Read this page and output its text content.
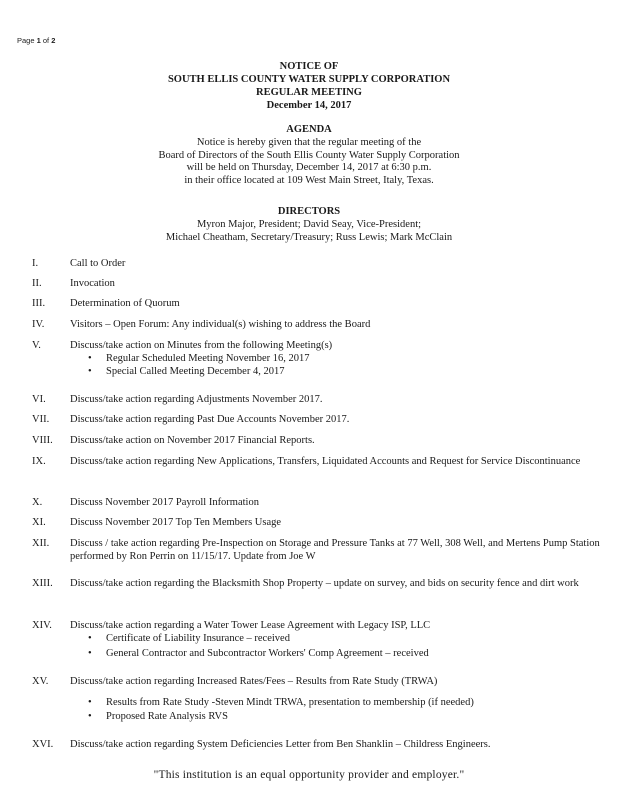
Page 1 of 2
NOTICE OF
SOUTH ELLIS COUNTY WATER SUPPLY CORPORATION
REGULAR MEETING
December 14, 2017
AGENDA
Notice is hereby given that the regular meeting of the
Board of Directors of the South Ellis County Water Supply Corporation
will be held on Thursday, December 14, 2017 at 6:30 p.m.
in their office located at 109 West Main Street, Italy, Texas.
DIRECTORS
Myron Major, President; David Seay, Vice-President;
Michael Cheatham, Secretary/Treasury; Russ Lewis; Mark McClain
I.	Call to Order
II.	Invocation
III. Determination of Quorum
IV. Visitors – Open Forum: Any individual(s) wishing to address the Board
V.	Discuss/take action on Minutes from the following Meeting(s)
• Regular Scheduled Meeting November 16, 2017
• Special Called Meeting December 4, 2017
VI. Discuss/take action regarding Adjustments November 2017.
VII. Discuss/take action regarding Past Due Accounts November 2017.
VIII. Discuss/take action on November 2017 Financial Reports.
IX. Discuss/take action regarding New Applications, Transfers, Liquidated Accounts and Request for Service Discontinuance
X.	Discuss November 2017 Payroll Information
XI. Discuss November 2017 Top Ten Members Usage
XII. Discuss / take action regarding Pre-Inspection on Storage and Pressure Tanks at 77 Well, 308 Well, and Mertens Pump Station performed by Ron Perrin on 11/15/17. Update from Joe W
XIII. Discuss/take action regarding the Blacksmith Shop Property – update on survey, and bids on security fence and dirt work
XIV. Discuss/take action regarding a Water Tower Lease Agreement with Legacy ISP, LLC
• Certificate of Liability Insurance – received
• General Contractor and Subcontractor Workers' Comp Agreement – received
XV. Discuss/take action regarding Increased Rates/Fees – Results from Rate Study (TRWA)
• Results from Rate Study -Steven Mindt TRWA, presentation to membership (if needed)
• Proposed Rate Analysis RVS
XVI. Discuss/take action regarding System Deficiencies Letter from Ben Shanklin – Childress Engineers.
"This institution is an equal opportunity provider and employer."
